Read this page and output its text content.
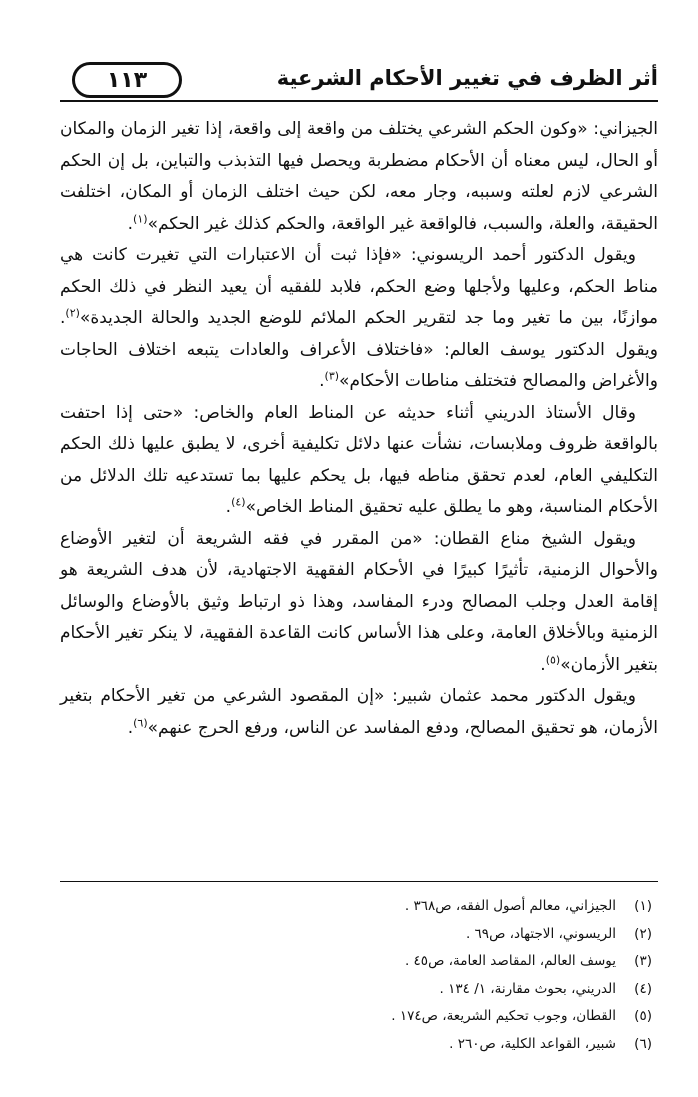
١١٣	أثر الظرف في تغيير الأحكام الشرعية

الجيزاني: «وكون الحكم الشرعي يختلف من واقعة إلى واقعة، إذا تغير الزمان والمكان أو الحال، ليس معناه أن الأحكام مضطربة ويحصل فيها التذبذب والتباين، بل إن الحكم الشرعي لازم لعلته وسببه، وجار معه، لكن حيث اختلف الزمان أو المكان، اختلفت الحقيقة، والعلة، والسبب، فالواقعة غير الواقعة، والحكم كذلك غير الحكم»$^{(١)}$.

ويقول الدكتور أحمد الريسوني: «فإذا ثبت أن الاعتبارات التي تغيرت كانت هي مناط الحكم، وعليها ولأجلها وضع الحكم، فلابد للفقيه أن يعيد النظر في ذلك الحكم موازنًا، بين ما تغير وما جد لتقرير الحكم الملائم للوضع الجديد والحالة الجديدة»$^{(٢)}$. ويقول الدكتور يوسف العالم: «فاختلاف الأعراف والعادات يتبعه اختلاف الحاجات والأغراض والمصالح فتختلف مناطات الأحكام»$^{(٣)}$.

وقال الأستاذ الدريني أثناء حديثه عن المناط العام والخاص: «حتى إذا احتفت بالواقعة ظروف وملابسات، نشأت عنها دلائل تكليفية أخرى، لا يطبق عليها ذلك الحكم التكليفي العام، لعدم تحقق مناطه فيها، بل يحكم عليها بما تستدعيه تلك الدلائل من الأحكام المناسبة، وهو ما يطلق عليه تحقيق المناط الخاص»$^{(٤)}$.

ويقول الشيخ مناع القطان: «من المقرر في فقه الشريعة أن لتغير الأوضاع والأحوال الزمنية، تأثيرًا كبيرًا في الأحكام الفقهية الاجتهادية، لأن هدف الشريعة هو إقامة العدل وجلب المصالح ودرء المفاسد، وهذا ذو ارتباط وثيق بالأوضاع والوسائل الزمنية وبالأخلاق العامة، وعلى هذا الأساس كانت القاعدة الفقهية، لا ينكر تغير الأحكام بتغير الأزمان»$^{(٥)}$.

ويقول الدكتور محمد عثمان شبير: «إن المقصود الشرعي من تغير الأحكام بتغير الأزمان، هو تحقيق المصالح، ودفع المفاسد عن الناس، ورفع الحرج عنهم»$^{(٦)}$.

(١)
الجيزاني، معالم أصول الفقه، ص٣٦٨ .
(٢)
الريسوني، الاجتهاد، ص٦٩ .
(٣)
يوسف العالم، المقاصد العامة، ص٤٥ .
(٤)
الدريني، بحوث مقارنة، ١/ ١٣٤ .
(٥)
القطان، وجوب تحكيم الشريعة، ص١٧٤ .
(٦)
شبير، القواعد الكلية، ص٢٦٠ .
